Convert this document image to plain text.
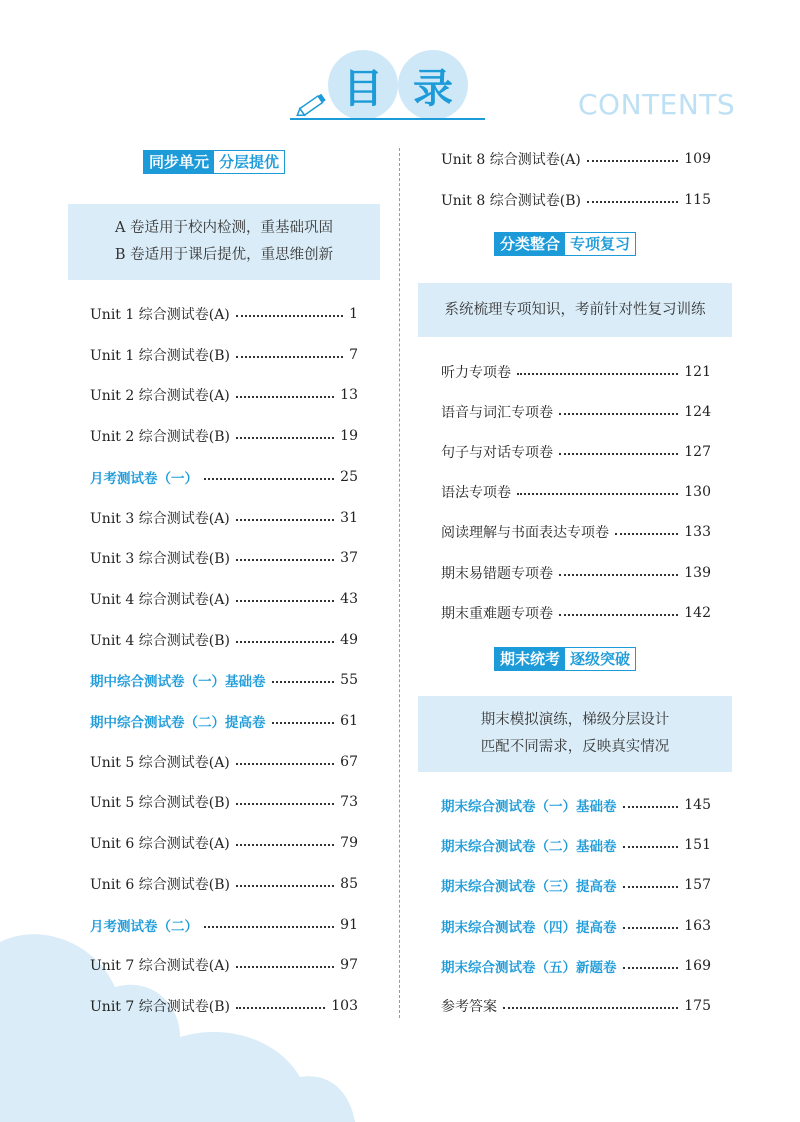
目 录	CONTENTS
同步单元 分层提优
A 卷适用于校内检测，重基础巩固
B 卷适用于课后提优，重思维创新
Unit 1 综合测试卷(A)	1
Unit 1 综合测试卷(B)	7
Unit 2 综合测试卷(A)	13
Unit 2 综合测试卷(B)	19
月考测试卷（一）	25
Unit 3 综合测试卷(A)	31
Unit 3 综合测试卷(B)	37
Unit 4 综合测试卷(A)	43
Unit 4 综合测试卷(B)	49
期中综合测试卷（一）基础卷	55
期中综合测试卷（二）提高卷	61
Unit 5 综合测试卷(A)	67
Unit 5 综合测试卷(B)	73
Unit 6 综合测试卷(A)	79
Unit 6 综合测试卷(B)	85
月考测试卷（二）	91
Unit 7 综合测试卷(A)	97
Unit 7 综合测试卷(B)	103
Unit 8 综合测试卷(A)	109
Unit 8 综合测试卷(B)	115
分类整合 专项复习
系统梳理专项知识，考前针对性复习训练
听力专项卷	121
语音与词汇专项卷	124
句子与对话专项卷	127
语法专项卷	130
阅读理解与书面表达专项卷	133
期末易错题专项卷	139
期末重难题专项卷	142
期末统考 逐级突破
期末模拟演练，梯级分层设计
匹配不同需求，反映真实情况
期末综合测试卷（一）基础卷	145
期末综合测试卷（二）基础卷	151
期末综合测试卷（三）提高卷	157
期末综合测试卷（四）提高卷	163
期末综合测试卷（五）新题卷	169
参考答案	175
